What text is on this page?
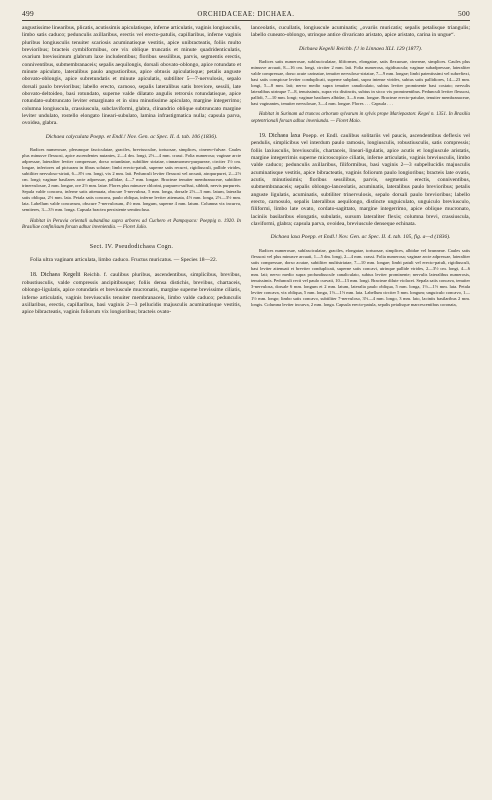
499	ORCHIDACEAE: DICHAEA.	500

angustissime linearibus, plicatis, acutissimis apiculatisque, inferne articulatis, vaginis longiusculis, limbo satis caduco; pedunculis axillaribus, erectis vel erecto-patulis, capillaribus, inferne vaginis pluribus longiusculis tenuiter scariosis acuminatisque vestitis, apice unibracteatis, foliis multo brevioribus; bracteis cymbiformibus, ore vix oblique truncatis et minute quadridenticulatis, ovarium brevissimum glabrum laxe includentibus; floribus sessilibus, parvis, segmentis erectis, conniventibus, submembranaceis; sepalis aequilongis, dorsali obovato-oblongo, apice rotundato et minute apiculato, lateralibus paulo angustioribus, apice obtusis apiculatisque; petalis anguste obovato-oblongis, apice subretundatis et minute apiculatis, subtiliter 5—7-nervulosis, sepalo dorsali paulo brevioribus; labello erecto, carnoso, sepalis lateralibus satis breviore, sessili, late obovato-deltoideo, basi rotundato, superne valde dilatato angulis retrorsis rotundatisque, apice rotundato-subtruncato leviter emarginato et in sinu minutissime apiculato, margine integerrimo; columna longiuscula, crassiuscula, subclaviformi, glabra, clinandrio oblique subtruncato margine leviter undulato, rostello elongato lineari-subulato, lamina infrastigmatica nulla; capsula parva, ovoidea, glabra.

Dichaea calyculata Poepp. et Endl.! Nov. Gen. ac Spec. II. 4. tab. 106 (1836).

Radices numerosae, plerumque fasciculatae, graciles, breviusculae, tortuosae, simplices, cinereo-fulvae. Caules plus minusve flexuosi, apice ascendentes nutantes, 2—4 dm. longi, 2½—4 mm. crassi. Folia numerosa; vaginae arcte adpressae, lateraliter leviter compressae, dorso rotundatae, subtiliter striatae, cinnamomeo-purpureae, circiter 1½ cm. longae, inferiores ad picturam in fibras solutae; limbi erecto-patuli, superne satis recurvi, rigidiusculi, pallide virides, subtiliter nervuloso-striati, 6—8½ cm. longi, vix 2 mm. lati. Pedunculi leviter flexuosi vel arcuati, atropurpurei, 2—2½ cm. longi; vaginae basilares arcte adpressae, pallidae, 4—7 mm. longae. Bracteae tenuiter membranaceae, subtiliter trinervulosae, 2 mm. longae, ore 2½ mm. latae. Flores plus minusve chlorini, purpureo-suffusi, sibbidi, nervis purpureis. Sepala valde concava, inferne satis attenuata, obscure 5-nervulosa, 5 mm. longa, dorsale 2½—3 mm. latum, lateralia satis obliqua, 2½ mm. lata. Petala satis concava, paulo obliqua, inferne leviter attenuata, 4½ mm. longa, 2½—3½ mm. lata. Labellum valde concavum, obscure 7-nervulosum, 4½ mm. longum, superne 4 mm. latum. Columna vix incurva, semiteres, 3—3½ mm. longa. Capsula bractea persistente semiinclusa.

Habitat in Peruvia orientali subandina supra arbores ad Cuchero et Pampayaco: Poeppig n. 1920. In Brasiliae confiniisum forsan adhuc inveniendia. — Floret Julio.

Sect. IV. Pseudodichaea Cogn.

Folia ultra vaginam articulata, limbo caduco. Fructus muricatus. — Species 18—22.

18. Dichaea Kegelii Reichb. f. caulibus pluribus, ascendentibus, simplicibus, brevibus, robustiusculis, valde compressis ancipitibusque; foliis densa distichis, brevibus, chartaceis, oblongo-ligulatis, apice rotundatis et breviuscule mucronatis, margine superne brevissime ciliatis, inferne articulatis, vaginis breviusculis tenuiter membranaceis, limbo valde caduco; pedunculis axillaribus, erectis, capillaribus, basi vaginis 2—3 pellucidis majusculis acuminatisque vestitis, apice bibracteatis, vaginis foliorum vix longioribus; bracteis ovato-

lanceolatis, cucullatis, longiuscule acuminatis; „ovariis muricatis; sepalis petalisque triangulis; labello cuneato-oblongo, utrinque antice divaricato aristato, apice aristato, carina in ungue“.

Dichaea Kegelii Reichb. f.! in Linnaea XLI. 129 (1877).

Radices satis numerosae, subfasciculatae, filiformes, elongatae, satis flexuosae, cinereae, simplices. Caules plus minusve arcuati, 8—16 cm. longi, circiter 2 mm. lati. Folia numerosa, rigidiuscula; vaginae subadpressae, lateraliter valde compressae, dorso acute carinatae, tenuiter nervuloso-striatae, 7—9 mm. longae; limbi patentissimi vel subrefiexi, basi satis conspicue leviter conduplicati, superne subplani, supra intense virides, subtus satis pallidiores, 14—23 mm. longi, 5—8 mm. lati; nervo medio supra tenuiter canaliculato, subtus leviter prominente basi costato; nervulis lateralibus utrinque 7—8, tenuissimis, supra vix distinctis, subtus in sicco vix prominentibus. Pedunculi leviter flexuosi, pallidi, 7—10 mm. longi; vaginae basilares albidae, 3—6 mm. longae. Bracteae erecto-patulae, tenuiter membranaceae, basi vaginantes, tenuiter nervulosae, 3—4 mm. longae. Flores . . . Capsula . . .

Habitat in Surinam ad truncos arborum sylvarum in sylvis prope Mariepaston: Kegel n. 1351. In Brasilia septentrionali forsan adhuc inveniunda. — Floret Maio.

19. Dichaea laxa Poepp. et Endl. caulibus solitariis vel paucis, ascendentibus deflexis vel pendulis, simplicibus vel interdum paulo ramosis, longiusculis, robustiusculis, satis compressis; foliis laxiusculis, breviusculis, chartaceis, lineari-ligulatis, apice acutis et longiuscule aristatis, margine integerrimis superne microscopice ciliatis, inferne articulatis, vaginis breviusculis, limbo valde caduco; pedunculis axillaribus, filiformibus, basi vaginis 2—3 subpellucidis majusculis acuminatisque vestitis, apice bibracteatis, vaginis foliorum paulo longioribus; bracteis late ovatis, acutis, minutissimis; floribus sessilibus, parvis, segmentis erectis, conniventibus, submembranaceis; sepalis oblongo-lanceolatis, acuminatis, lateralibus paulo brevioribus; petalis anguste ligulatis, acuminatis, subtiliter trinervulosis, sepalo dorsali paulo brevioribus; labello erecto, carnosulo, sepalis lateralibus aequilongo, distincte unguiculato, unguiculo breviusculo, filiformi, limbo late ovato, cordato-sagittato, margine integerrimo, apice oblique mucronato, laciniis basilaribus elongatis, subulatis, sursum lateraliter flexis; columna brevi, crassiuscula, claviformi, glabra; capsula parva, ovoidea, breviuscule denseque echinata.

Dichaea laxa Poepp. et Endl.! Nov. Gen. ac Spec. II. 4. tab. 105, fig. a—d (1836).

Radices numerosae, subfasciculatae, graciles, elongatae, tortuosae, simplices, albidae vel brunneae. Caules satis flexuosi vel plus minusve arcuati, 1—5 dm. longi, 2—4 mm. crassi. Folia numerosa; vaginae arcte adpressae, lateraliter satis compressae, dorso acutae, subtiliter multistriatae, 7—10 mm. longae; limbi patuli vel erecto-patuli, rigidiusculi, basi leviter attenuati et breviter conduplicati, superne satis concavi, utrinque pallide virides, 2—3½ cm. longi, 4—6 mm. lati; nervo medio supra profundiuscule canaliculato, subtus leviter prominente; nervulis lateralibus numerosis, tenuissimis. Pedunculi recti vel paulo curvati, 10—13 mm. longi. Bracteae dilute violacei. Sepala satis concava, tenuiter 3-nervulosa, dorsale 6 mm. longum et 2 mm. latum, lateralia paulo obliqua, 5 mm. longa, 1½—1½ mm. lata. Petala leviter concava, vix obliqua, 5 mm. longa, 1½—1½ mm. lata. Labellum circiter 5 mm. longum; unguiculo concavo, 1—1½ mm. longo; limbo satis concavo, subtiliter 7-nervuloso, 3½—4 mm. longo, 3 mm. lato, laciniis basilaribus 2 mm. longis. Columna leviter incurva, 2 mm. longa. Capsula erecto-patula, sepalis petalisque marcescentibus coronata,
